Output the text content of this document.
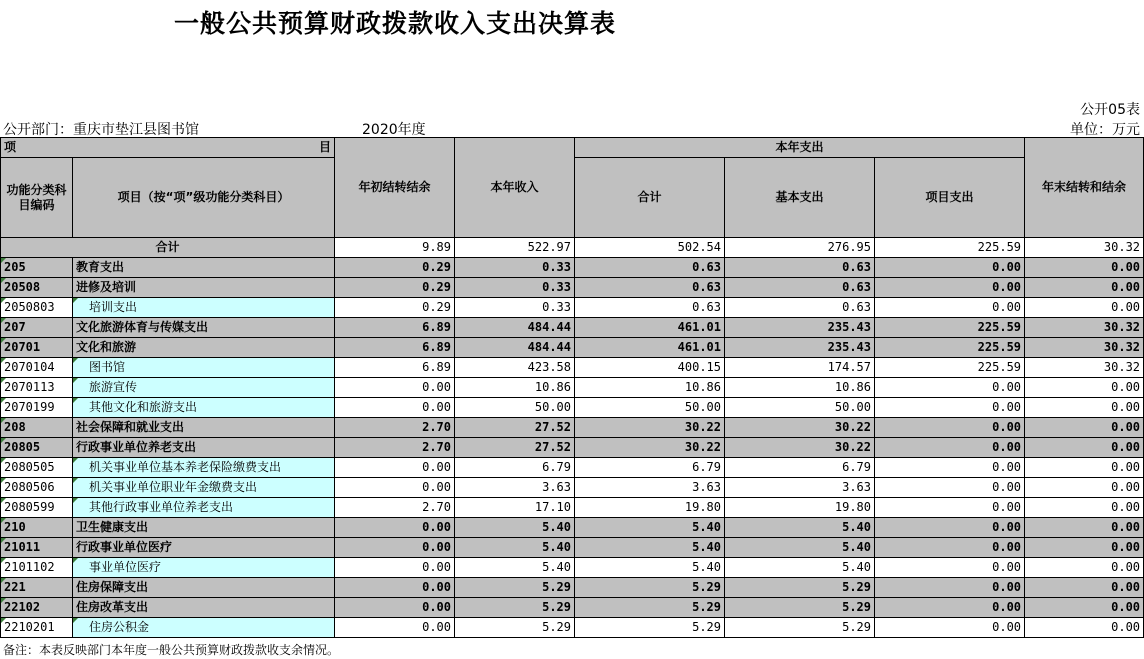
一般公共预算财政拨款收入支出决算表
公开05表
公开部门：重庆市垫江县图书馆	2020年度	单位：万元
项 目		年初结转结余	本年收入	本年支出			年末结转和结余
功能分类科目编码	项目（按“项”级功能分类科目）			合计	基本支出	项目支出	
合计		9.89	522.97	502.54	276.95	225.59	30.32
205	教育支出	0.29	0.33	0.63	0.63	0.00	0.00
20508	进修及培训	0.29	0.33	0.63	0.63	0.00	0.00
2050803	培训支出	0.29	0.33	0.63	0.63	0.00	0.00
207	文化旅游体育与传媒支出	6.89	484.44	461.01	235.43	225.59	30.32
20701	文化和旅游	6.89	484.44	461.01	235.43	225.59	30.32
2070104	图书馆	6.89	423.58	400.15	174.57	225.59	30.32
2070113	旅游宣传	0.00	10.86	10.86	10.86	0.00	0.00
2070199	其他文化和旅游支出	0.00	50.00	50.00	50.00	0.00	0.00
208	社会保障和就业支出	2.70	27.52	30.22	30.22	0.00	0.00
20805	行政事业单位养老支出	2.70	27.52	30.22	30.22	0.00	0.00
2080505	机关事业单位基本养老保险缴费支出	0.00	6.79	6.79	6.79	0.00	0.00
2080506	机关事业单位职业年金缴费支出	0.00	3.63	3.63	3.63	0.00	0.00
2080599	其他行政事业单位养老支出	2.70	17.10	19.80	19.80	0.00	0.00
210	卫生健康支出	0.00	5.40	5.40	5.40	0.00	0.00
21011	行政事业单位医疗	0.00	5.40	5.40	5.40	0.00	0.00
2101102	事业单位医疗	0.00	5.40	5.40	5.40	0.00	0.00
221	住房保障支出	0.00	5.29	5.29	5.29	0.00	0.00
22102	住房改革支出	0.00	5.29	5.29	5.29	0.00	0.00
2210201	住房公积金	0.00	5.29	5.29	5.29	0.00	0.00
备注：本表反映部门本年度一般公共预算财政拨款收支余情况。
